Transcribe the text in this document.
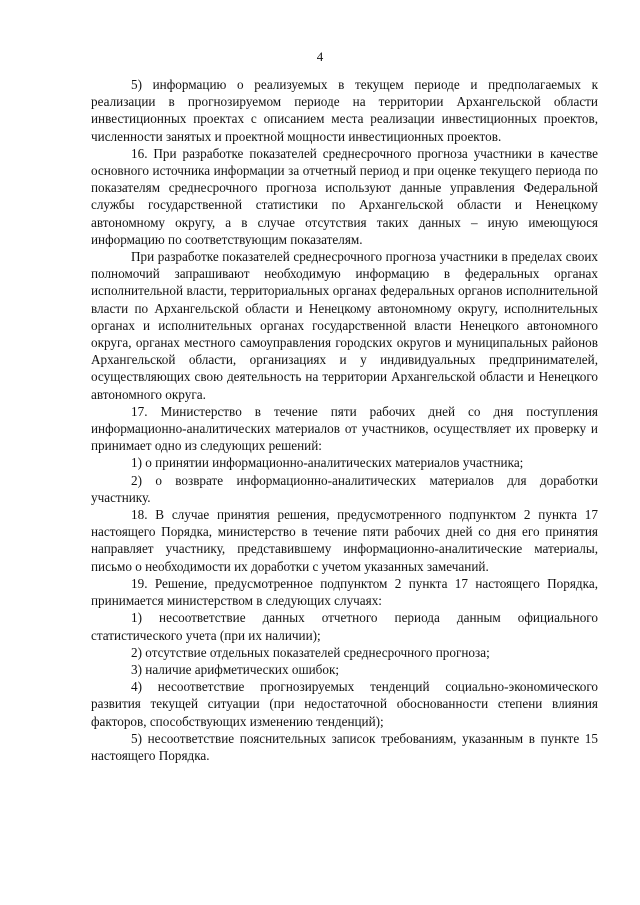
4

5) информацию о реализуемых в текущем периоде и предполагаемых к реализации в прогнозируемом периоде на территории Архангельской области инвестиционных проектах с описанием места реализации инвестиционных проектов, численности занятых и проектной мощности инвестиционных проектов.

16. При разработке показателей среднесрочного прогноза участники в качестве основного источника информации за отчетный период и при оценке текущего периода по показателям среднесрочного прогноза используют данные управления Федеральной службы государственной статистики по Архангельской области и Ненецкому автономному округу, а в случае отсутствия таких данных – иную имеющуюся информацию по соответствующим показателям.

При разработке показателей среднесрочного прогноза участники в пределах своих полномочий запрашивают необходимую информацию в федеральных органах исполнительной власти, территориальных органах федеральных органов исполнительной власти по Архангельской области и Ненецкому автономному округу, исполнительных органах и исполнительных органах государственной власти Ненецкого автономного округа, органах местного самоуправления городских округов и муниципальных районов Архангельской области, организациях и у индивидуальных предпринимателей, осуществляющих свою деятельность на территории Архангельской области и Ненецкого автономного округа.

17. Министерство в течение пяти рабочих дней со дня поступления информационно-аналитических материалов от участников, осуществляет их проверку и принимает одно из следующих решений:

1) о принятии информационно-аналитических материалов участника;

2) о возврате информационно-аналитических материалов для доработки участнику.

18. В случае принятия решения, предусмотренного подпунктом 2 пункта 17 настоящего Порядка, министерство в течение пяти рабочих дней со дня его принятия направляет участнику, представившему информационно-аналитические материалы, письмо о необходимости их доработки с учетом указанных замечаний.

19. Решение, предусмотренное подпунктом 2 пункта 17 настоящего Порядка, принимается министерством в следующих случаях:

1) несоответствие данных отчетного периода данным официального статистического учета (при их наличии);

2) отсутствие отдельных показателей среднесрочного прогноза;

3) наличие арифметических ошибок;

4) несоответствие прогнозируемых тенденций социально-экономического развития текущей ситуации (при недостаточной обоснованности степени влияния факторов, способствующих изменению тенденций);

5) несоответствие пояснительных записок требованиям, указанным в пункте 15 настоящего Порядка.
